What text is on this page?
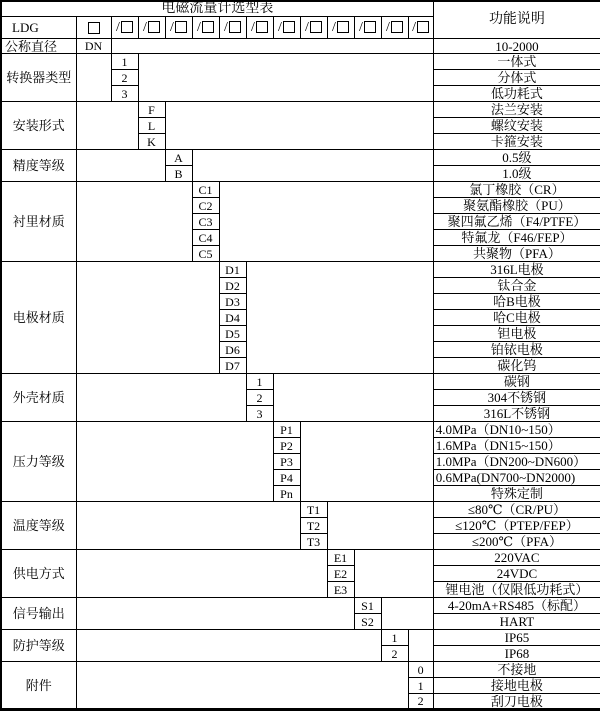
电磁流量计选型表														功能说明
LDG		/	/	/	/	/	/	/	/	/	/	/	/	
公称直径	DN													10-2000
转换器类型		1												一体式
		2												分体式
		3												低功耗式
安装形式			F											法兰安装
			L											螺纹安装
			K											卡箍安装
精度等级				A										0.5级
				B										1.0级
衬里材质					C1									氯丁橡胶（CR）
					C2									聚氨酯橡胶（PU）
					C3									聚四氟乙烯（F4/PTFE）
					C4									特氟龙（F46/FEP）
					C5									共聚物（PFA）
电极材质						D1								316L电极
						D2								钛合金
						D3								哈B电极
						D4								哈C电极
						D5								钽电极
						D6								铂铱电极
						D7								碳化钨
外壳材质							1							碳钢
							2							304不锈钢
							3							316L不锈钢
压力等级								P1						4.0MPa（DN10~150）
								P2						1.6MPa（DN15~150）
								P3						1.0MPa（DN200~DN600）
								P4						0.6MPa(DN700~DN2000)
								Pn						特殊定制
温度等级									T1					≤80℃（CR/PU）
									T2					≤120℃（PTEP/FEP）
									T3					≤200℃（PFA）
供电方式										E1				220VAC
										E2				24VDC
										E3				锂电池（仅限低功耗式）
信号输出											S1			4-20mA+RS485（标配）
											S2			HART
防护等级												1		IP65
												2		IP68
附件													0	不接地
													1	接地电极
													2	刮刀电极
